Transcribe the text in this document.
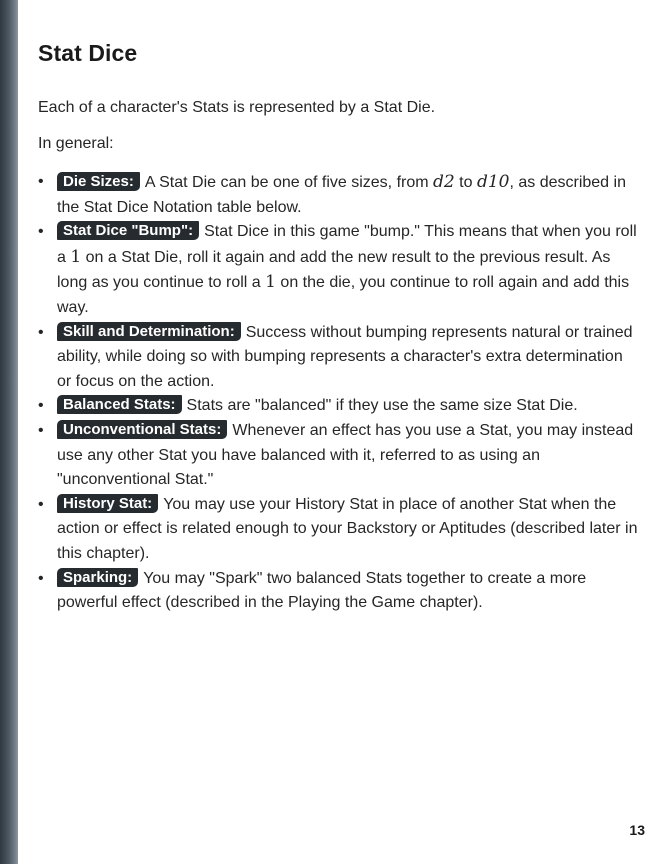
Stat Dice

Each of a character's Stats is represented by a Stat Die.

In general:

• Die Sizes: A Stat Die can be one of five sizes, from d2 to d10, as described in the Stat Dice Notation table below.
• Stat Dice "Bump": Stat Dice in this game "bump." This means that when you roll a 1 on a Stat Die, roll it again and add the new result to the previous result. As long as you continue to roll a 1 on the die, you continue to roll again and add this way.
• Skill and Determination: Success without bumping represents natural or trained ability, while doing so with bumping represents a character's extra determination or focus on the action.
• Balanced Stats: Stats are "balanced" if they use the same size Stat Die.
• Unconventional Stats: Whenever an effect has you use a Stat, you may instead use any other Stat you have balanced with it, referred to as using an "unconventional Stat."
• History Stat: You may use your History Stat in place of another Stat when the action or effect is related enough to your Backstory or Aptitudes (described later in this chapter).
• Sparking: You may "Spark" two balanced Stats together to create a more powerful effect (described in the Playing the Game chapter).
13
